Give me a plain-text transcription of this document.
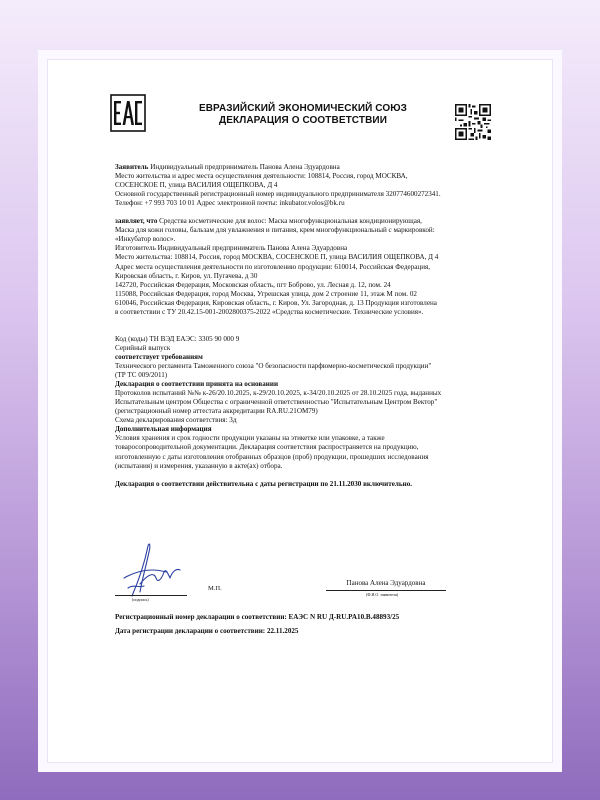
ЕВРАЗИЙСКИЙ ЭКОНОМИЧЕСКИЙ СОЮЗ
ДЕКЛАРАЦИЯ О СООТВЕТСТВИИ
Заявитель Индивидуальный предприниматель Панова Алена Эдуардовна
Место жительства и адрес места осуществления деятельности: 108814, Россия, город МОСКВА,
СОСЕНСКОЕ П, улица ВАСИЛИЯ ОЩЕПКОВА, Д 4
Основной государственный регистрационный номер индивидуального предпринимателя 320774600272341.
Телефон: +7 993 703 10 01 Адрес электронной почты: inkubator.volos@bk.ru
заявляет, что Средства косметические для волос: Маска многофункциональная кондиционирующая,
Маска для кожи головы, бальзам для увлажнения и питания, крем многофункциональный с маркировкой:
«Инкубатор волос».
Изготовитель Индивидуальный предприниматель Панова Алена Эдуардовна
Место жительства: 108814, Россия, город МОСКВА, СОСЕНСКОЕ П, улица ВАСИЛИЯ ОЩЕПКОВА, Д 4
Адрес места осуществления деятельности по изготовлению продукции: 610014, Российская Федерация,
Кировская область, г. Киров, ул. Пугачева, д 30
142720, Российская Федерация, Московская область, пгт Боброво, ул. Лесная д. 12, пом. 24
115088, Российская Федерация, город Москва, Угрешская улица, дом 2 строение 11, этаж М пом. 02
610046, Российская Федерация, Кировская область, г. Киров, Ул. Загородная, д. 13 Продукция изготовлена
в соответствии с ТУ 20.42.15-001-2002800375-2022 «Средства косметические. Технические условия».
Код (коды) ТН ВЭД ЕАЭС: 3305 90 000 9
Серийный выпуск
соответствует требованиям
Технического регламента Таможенного союза "О безопасности парфюмерно-косметической продукции"
(ТР ТС 009/2011)
Декларация о соответствии принята на основании
Протоколов испытаний №№ к-26/20.10.2025, к-29/20.10.2025, к-34/20.10.2025 от 28.10.2025 года, выданных
Испытательным центром Общества с ограниченной ответственностью "Испытательным Центром Вектор"
(регистрационный номер аттестата аккредитации RA.RU.21ОМ79)
Схема декларирования соответствия: 3д
Дополнительная информация
Условия хранения и срок годности продукции указаны на этикетке или упаковке, а также
товаросопроводительной документации. Декларация соответствия распространяется на продукцию,
изготовленную с даты изготовления отобранных образцов (проб) продукции, прошедших исследования
(испытания) и измерения, указанную в акте(ах) отбора.
Декларация о соответствии действительна с даты регистрации по 21.11.2030 включительно.
(подпись)
М.П.
Панова Алена Эдуардовна
(Ф.И.О. заявителя)
Регистрационный номер декларации о соответствии: ЕАЭС N RU Д-RU.PA10.B.48893/25
Дата регистрации декларации о соответствии: 22.11.2025
